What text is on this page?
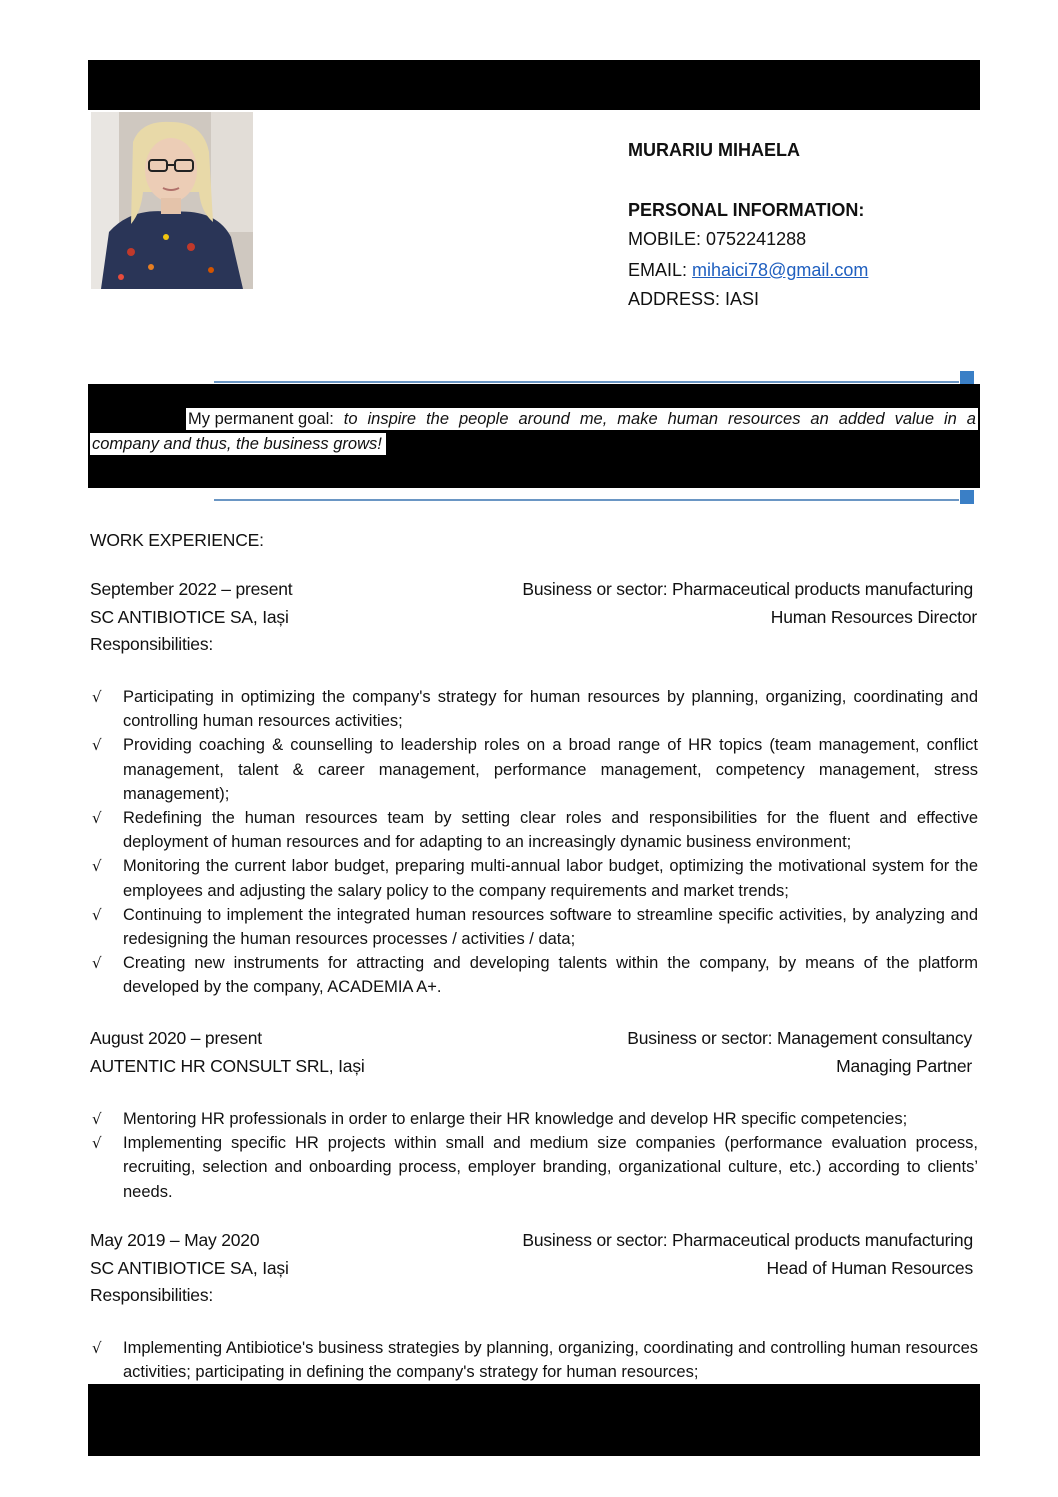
MURARIU MIHAELA
PERSONAL INFORMATION:
MOBILE: 0752241288
EMAIL: mihaici78@gmail.com
ADDRESS: IASI
My permanent goal: to inspire the people around me, make human resources an added value in a
company and thus, the business grows!
WORK EXPERIENCE:
September 2022 – present	Business or sector: Pharmaceutical products manufacturing
SC ANTIBIOTICE SA, Iași	Human Resources Director
Responsibilities:
√ Participating in optimizing the company's strategy for human resources by planning, organizing, coordinating and controlling human resources activities;
√ Providing coaching & counselling to leadership roles on a broad range of HR topics (team management, conflict management, talent & career management, performance management, competency management, stress management);
√ Redefining the human resources team by setting clear roles and responsibilities for the fluent and effective deployment of human resources and for adapting to an increasingly dynamic business environment;
√ Monitoring the current labor budget, preparing multi-annual labor budget, optimizing the motivational system for the employees and adjusting the salary policy to the company requirements and market trends;
√ Continuing to implement the integrated human resources software to streamline specific activities, by analyzing and redesigning the human resources processes / activities / data;
√ Creating new instruments for attracting and developing talents within the company, by means of the platform developed by the company, ACADEMIA A+.
August 2020 – present	Business or sector: Management consultancy
AUTENTIC HR CONSULT SRL, Iași	Managing Partner
√ Mentoring HR professionals in order to enlarge their HR knowledge and develop HR specific competencies;
√ Implementing specific HR projects within small and medium size companies (performance evaluation process, recruiting, selection and onboarding process, employer branding, organizational culture, etc.) according to clients’ needs.
May 2019 – May 2020	Business or sector: Pharmaceutical products manufacturing
SC ANTIBIOTICE SA, Iași	Head of Human Resources
Responsibilities:
√ Implementing Antibiotice's business strategies by planning, organizing, coordinating and controlling human resources activities; participating in defining the company's strategy for human resources;
